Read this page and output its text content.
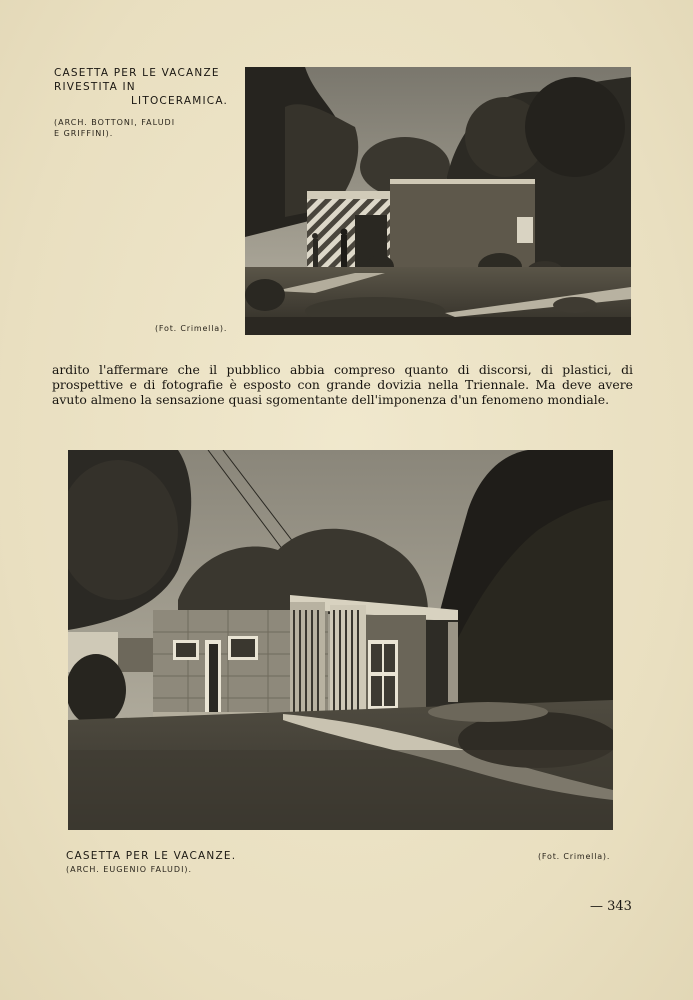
CASETTA PER LE VACANZE
RIVESTITA IN
LITOCERAMICA.

(ARCH. BOTTONI, FALUDI
E GRIFFINI).
(Fot. Crimella).

ardito l'affermare che il pubblico abbia compreso quanto di discorsi, di plastici, di prospettive e di fotografie è esposto con grande dovizia nella Triennale. Ma deve avere avuto almeno la sensazione quasi sgomentante dell'imponenza d'un fenomeno mondiale.

CASETTA PER LE VACANZE.

(ARCH. EUGENIO FALUDI).
(Fot. Crimella).
— 343
